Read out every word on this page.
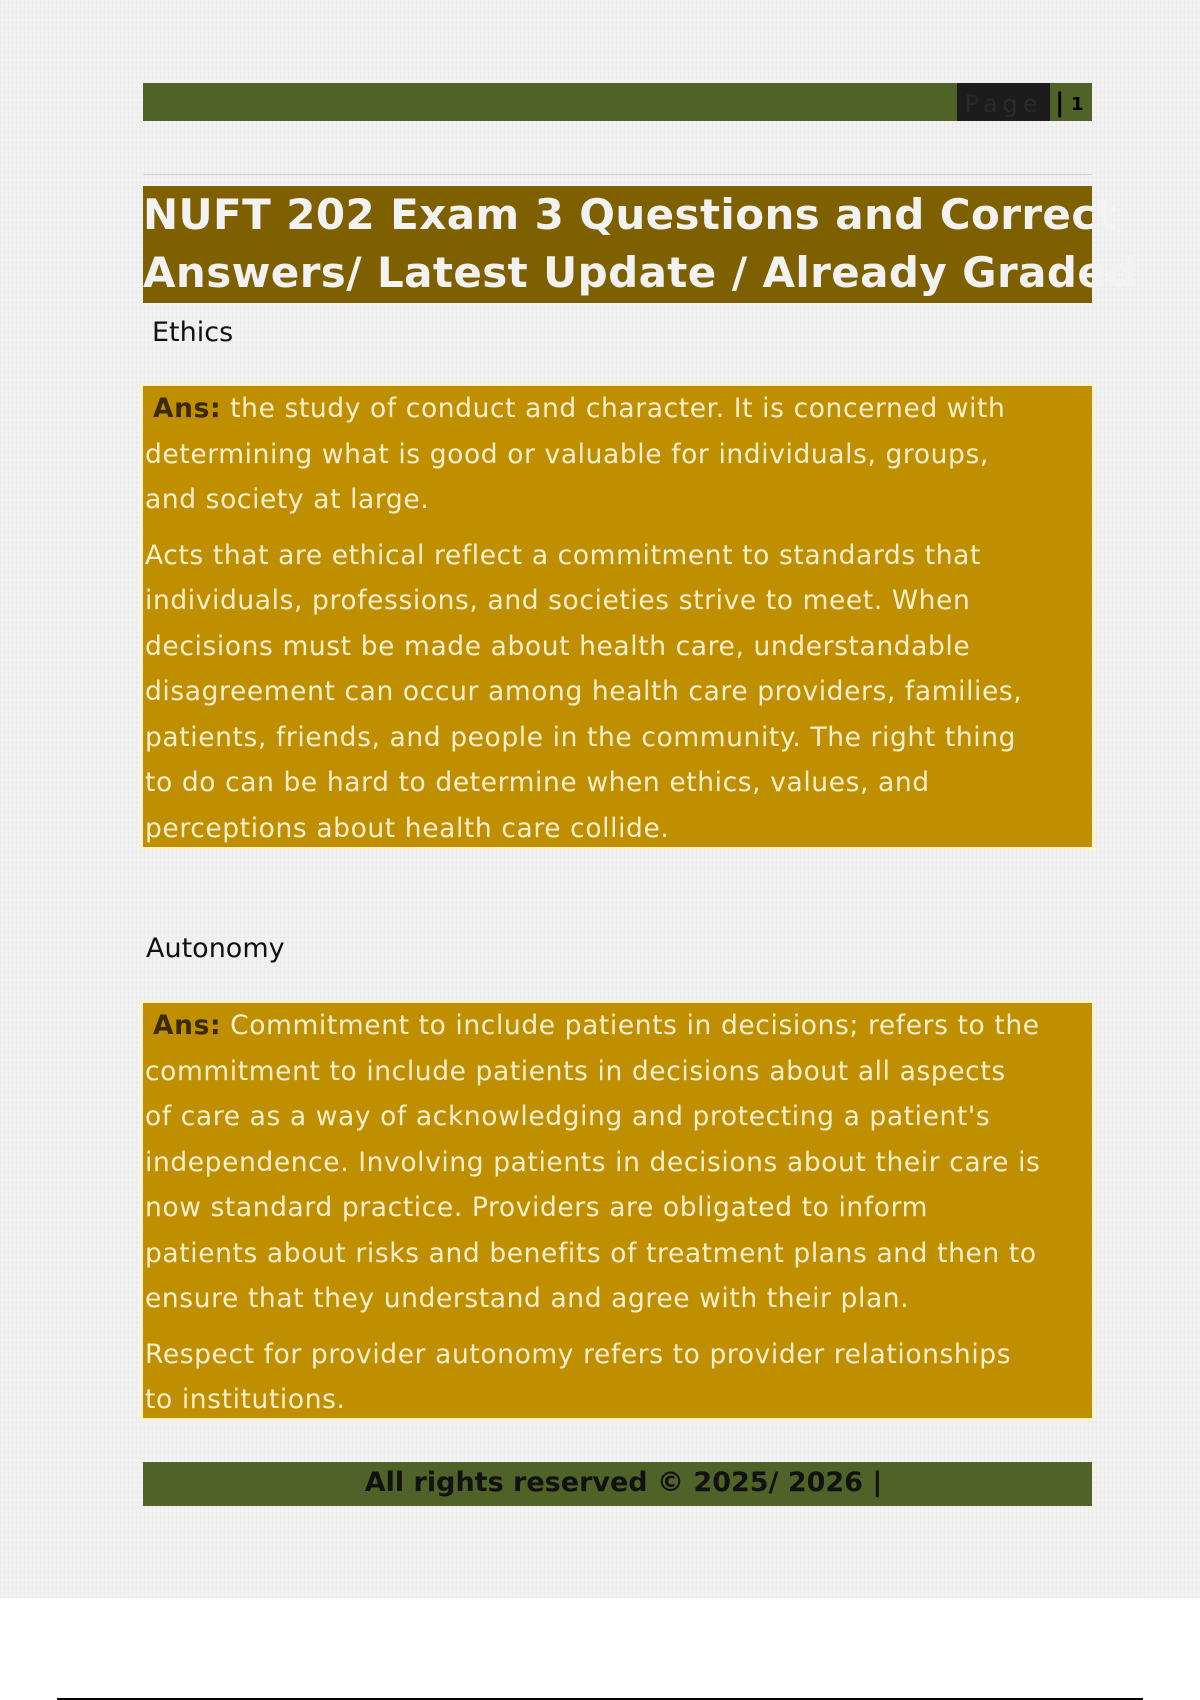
Page | 1
NUFT 202 Exam 3 Questions and Correct
Answers/ Latest Update / Already Graded
Ethics

Ans: the study of conduct and character. It is concerned with
determining what is good or valuable for individuals, groups,
and society at large.

Acts that are ethical reflect a commitment to standards that
individuals, professions, and societies strive to meet. When
decisions must be made about health care, understandable
disagreement can occur among health care providers, families,
patients, friends, and people in the community. The right thing
to do can be hard to determine when ethics, values, and
perceptions about health care collide.

Autonomy

Ans: Commitment to include patients in decisions; refers to the
commitment to include patients in decisions about all aspects
of care as a way of acknowledging and protecting a patient's
independence. Involving patients in decisions about their care is
now standard practice. Providers are obligated to inform
patients about risks and benefits of treatment plans and then to
ensure that they understand and agree with their plan.

Respect for provider autonomy refers to provider relationships
to institutions.

All rights reserved © 2025/ 2026 |
